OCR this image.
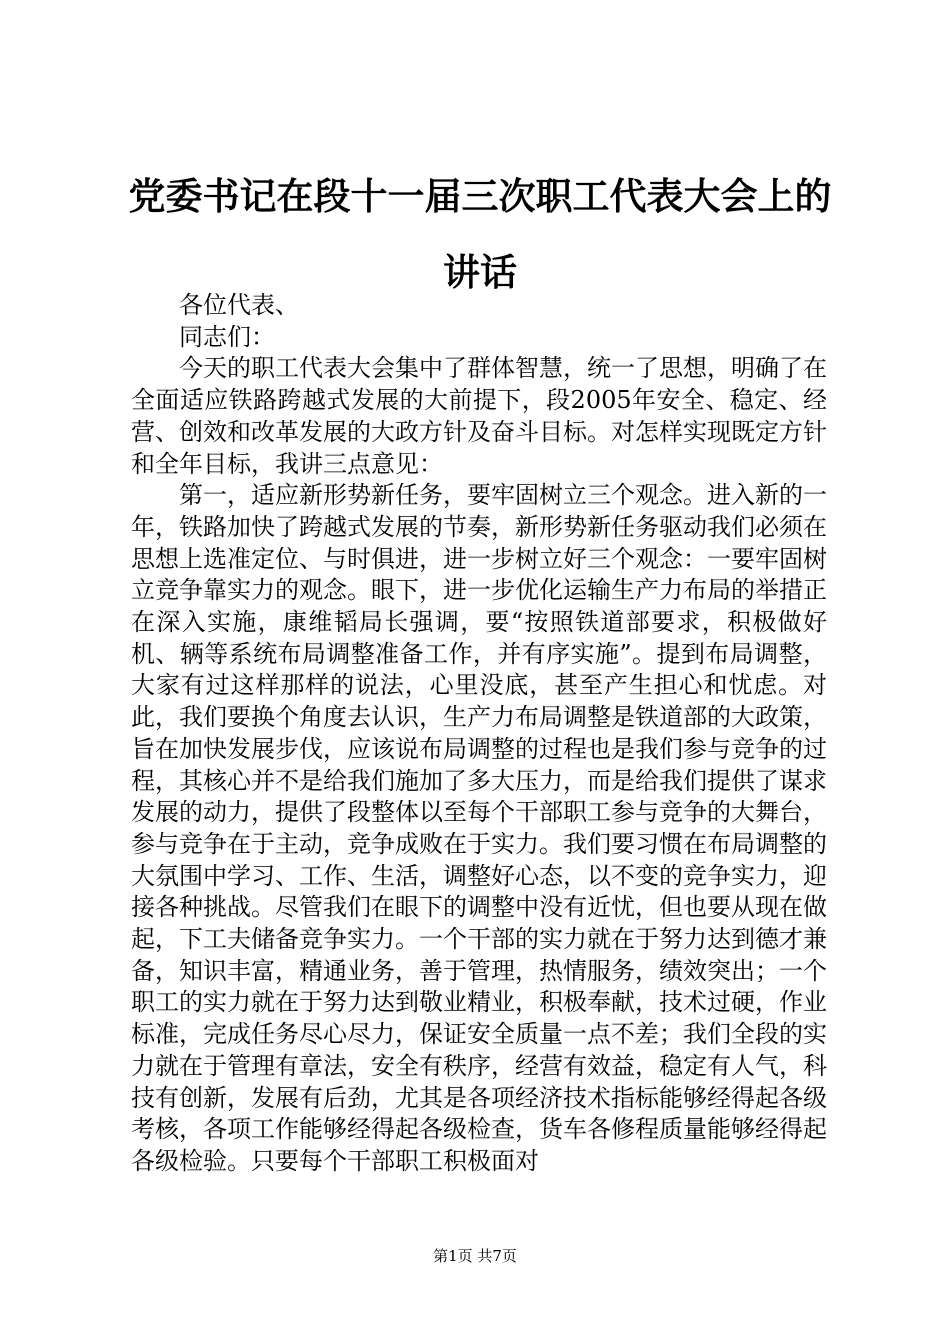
党委书记在段十一届三次职工代表大会上的讲话

各位代表、

同志们：

今天的职工代表大会集中了群体智慧，统一了思想，明确了在全面适应铁路跨越式发展的大前提下，段2005年安全、稳定、经营、创效和改革发展的大政方针及奋斗目标。对怎样实现既定方针和全年目标，我讲三点意见：

第一，适应新形势新任务，要牢固树立三个观念。进入新的一年，铁路加快了跨越式发展的节奏，新形势新任务驱动我们必须在思想上选准定位、与时俱进，进一步树立好三个观念：一要牢固树立竞争靠实力的观念。眼下，进一步优化运输生产力布局的举措正在深入实施，康维韬局长强调，要“按照铁道部要求，积极做好机、辆等系统布局调整准备工作，并有序实施”。提到布局调整，大家有过这样那样的说法，心里没底，甚至产生担心和忧虑。对此，我们要换个角度去认识，生产力布局调整是铁道部的大政策，旨在加快发展步伐，应该说布局调整的过程也是我们参与竞争的过程，其核心并不是给我们施加了多大压力，而是给我们提供了谋求发展的动力，提供了段整体以至每个干部职工参与竞争的大舞台，参与竞争在于主动，竞争成败在于实力。我们要习惯在布局调整的大氛围中学习、工作、生活，调整好心态，以不变的竞争实力，迎接各种挑战。尽管我们在眼下的调整中没有近忧，但也要从现在做起，下工夫储备竞争实力。一个干部的实力就在于努力达到德才兼备，知识丰富，精通业务，善于管理，热情服务，绩效突出；一个职工的实力就在于努力达到敬业精业，积极奉献，技术过硬，作业标准，完成任务尽心尽力，保证安全质量一点不差；我们全段的实力就在于管理有章法，安全有秩序，经营有效益，稳定有人气，科技有创新，发展有后劲，尤其是各项经济技术指标能够经得起各级考核，各项工作能够经得起各级检查，货车各修程质量能够经得起各级检验。只要每个干部职工积极面对

第1页 共7页
